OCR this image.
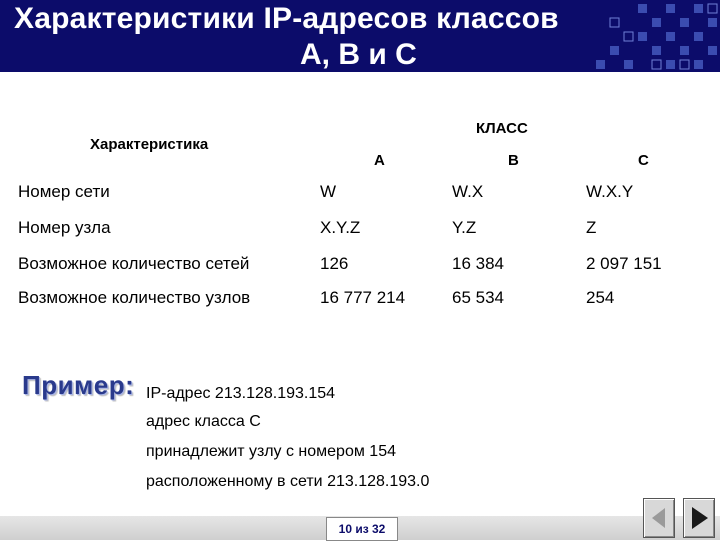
Характеристики IP-адресов классов
A, B и C
Характеристика
КЛАСС
A	B	C
Номер сети	W	W.X	W.X.Y
Номер узла	X.Y.Z	Y.Z	Z
Возможное количество сетей	126	16 384	2 097 151
Возможное количество узлов	16 777 214	65 534	254
Пример: IP-адрес 213.128.193.154
адрес класса С
принадлежит узлу с номером 154
расположенному в сети 213.128.193.0
10 из 32
